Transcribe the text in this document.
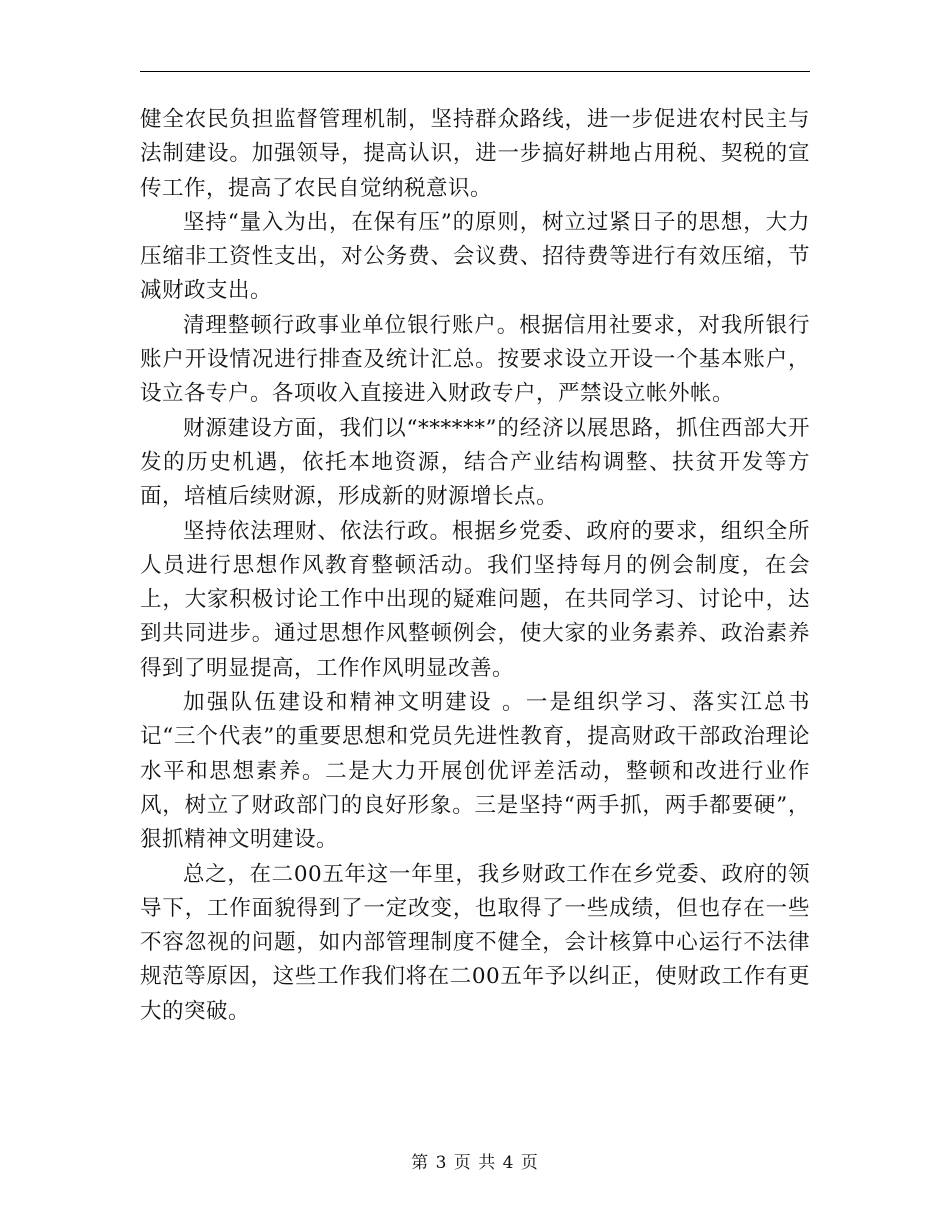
健全农民负担监督管理机制，坚持群众路线，进一步促进农村民主与法制建设。加强领导，提高认识，进一步搞好耕地占用税、契税的宣传工作，提高了农民自觉纳税意识。

坚持“量入为出，在保有压”的原则，树立过紧日子的思想，大力压缩非工资性支出，对公务费、会议费、招待费等进行有效压缩，节减财政支出。

清理整顿行政事业单位银行账户。根据信用社要求，对我所银行账户开设情况进行排查及统计汇总。按要求设立开设一个基本账户，设立各专户。各项收入直接进入财政专户，严禁设立帐外帐。

财源建设方面，我们以“******”的经济以展思路，抓住西部大开发的历史机遇，依托本地资源，结合产业结构调整、扶贫开发等方面，培植后续财源，形成新的财源增长点。

坚持依法理财、依法行政。根据乡党委、政府的要求，组织全所人员进行思想作风教育整顿活动。我们坚持每月的例会制度，在会上，大家积极讨论工作中出现的疑难问题，在共同学习、讨论中，达到共同进步。通过思想作风整顿例会，使大家的业务素养、政治素养得到了明显提高，工作作风明显改善。

加强队伍建设和精神文明建设 。一是组织学习、落实江总书记“三个代表”的重要思想和党员先进性教育，提高财政干部政治理论水平和思想素养。二是大力开展创优评差活动，整顿和改进行业作风，树立了财政部门的良好形象。三是坚持“两手抓，两手都要硬”，狠抓精神文明建设。

总之，在二00五年这一年里，我乡财政工作在乡党委、政府的领导下，工作面貌得到了一定改变，也取得了一些成绩，但也存在一些不容忽视的问题，如内部管理制度不健全，会计核算中心运行不法律规范等原因，这些工作我们将在二00五年予以纠正，使财政工作有更大的突破。

第 3 页 共 4 页
